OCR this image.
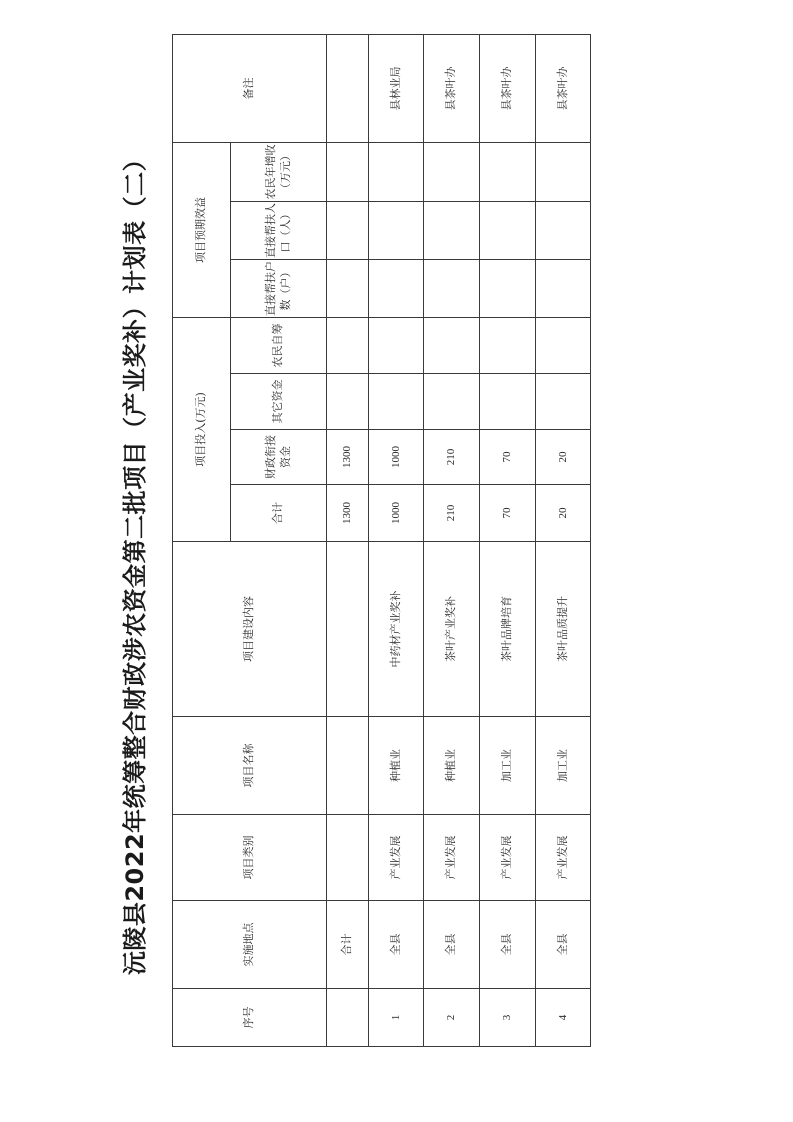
沅陵县2022年统筹整合财政涉农资金第二批项目（产业奖补）计划表（二）
序号	实施地点	项目类别	项目名称	项目建设内容	项目投入(万元)				项目预期效益			备注
					合计	财政衔接资金	其它资金	农民自筹	直接帮扶户数（户）	直接帮扶人口（人）	农民年增收（万元）	
	合计				1300	1300						
1	全县	产业发展	种植业	中药材产业奖补	1000	1000						县林业局
2	全县	产业发展	种植业	茶叶产业奖补	210	210						县茶叶办
3	全县	产业发展	加工业	茶叶品牌培育	70	70						县茶叶办
4	全县	产业发展	加工业	茶叶品质提升	20	20						县茶叶办
